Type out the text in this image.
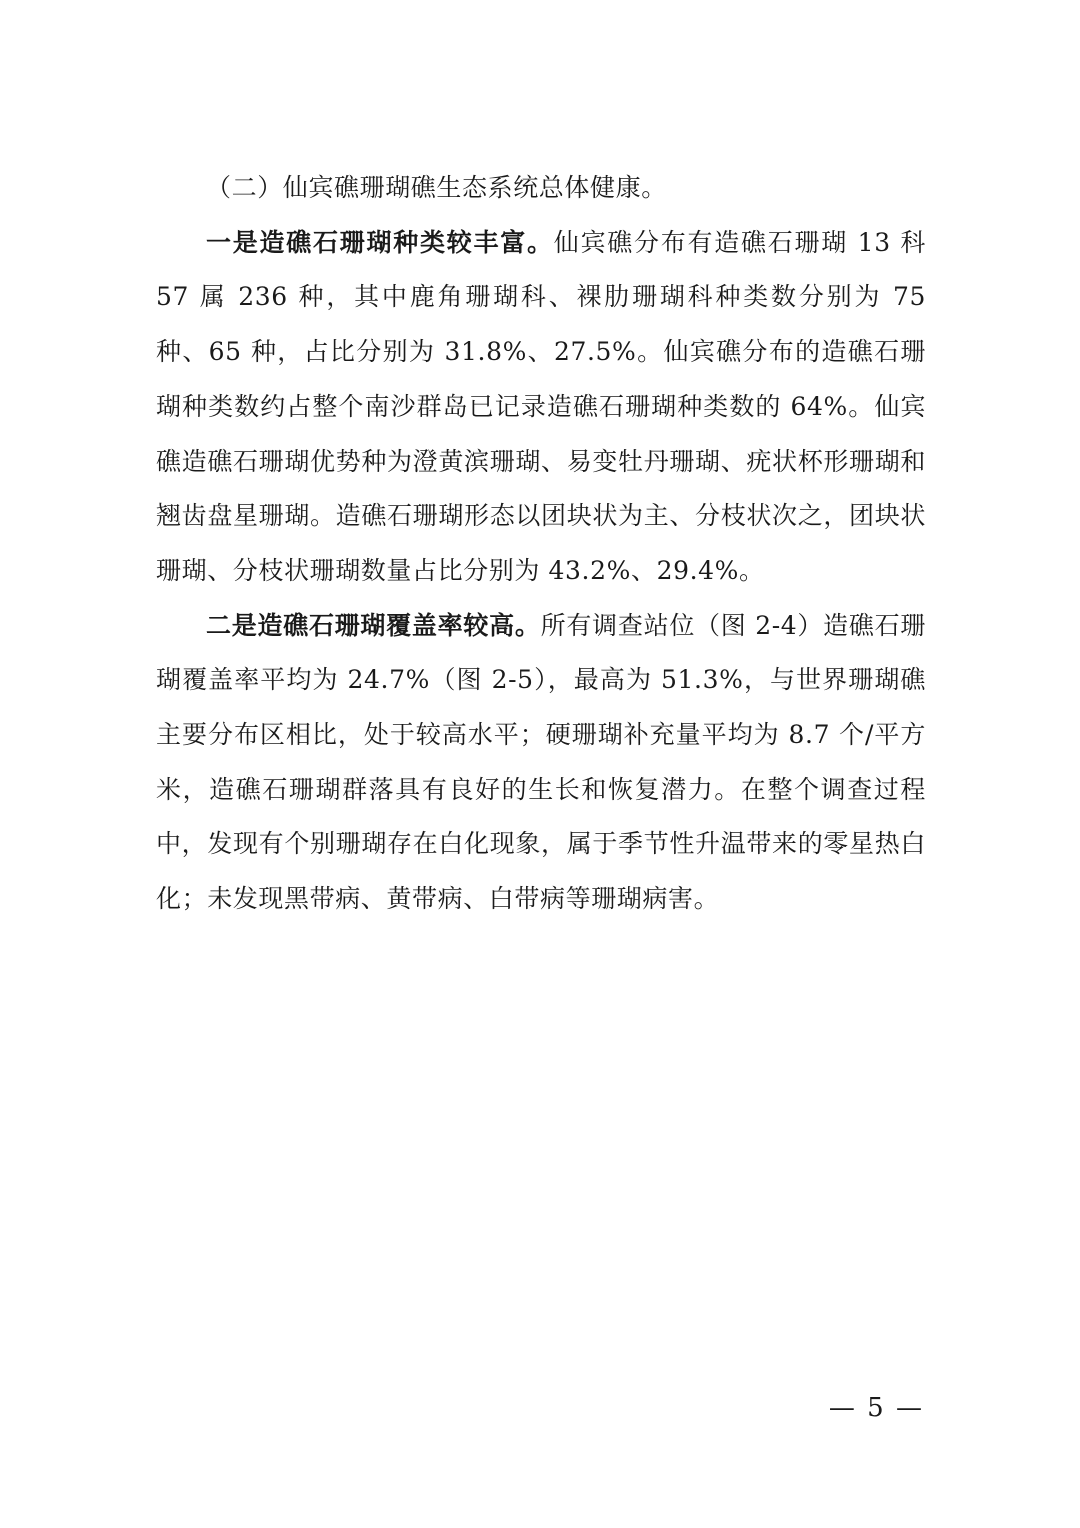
（二）仙宾礁珊瑚礁生态系统总体健康。

一是造礁石珊瑚种类较丰富。仙宾礁分布有造礁石珊瑚 13 科 57 属 236 种，其中鹿角珊瑚科、裸肋珊瑚科种类数分别为 75 种、65 种，占比分别为 31.8%、27.5%。仙宾礁分布的造礁石珊瑚种类数约占整个南沙群岛已记录造礁石珊瑚种类数的 64%。仙宾礁造礁石珊瑚优势种为澄黄滨珊瑚、易变牡丹珊瑚、疣状杯形珊瑚和翘齿盘星珊瑚。造礁石珊瑚形态以团块状为主、分枝状次之，团块状珊瑚、分枝状珊瑚数量占比分别为 43.2%、29.4%。

二是造礁石珊瑚覆盖率较高。所有调查站位（图 2-4）造礁石珊瑚覆盖率平均为 24.7%（图 2-5），最高为 51.3%，与世界珊瑚礁主要分布区相比，处于较高水平；硬珊瑚补充量平均为 8.7 个/平方米，造礁石珊瑚群落具有良好的生长和恢复潜力。在整个调查过程中，发现有个别珊瑚存在白化现象，属于季节性升温带来的零星热白化；未发现黑带病、黄带病、白带病等珊瑚病害。

— 5 —
